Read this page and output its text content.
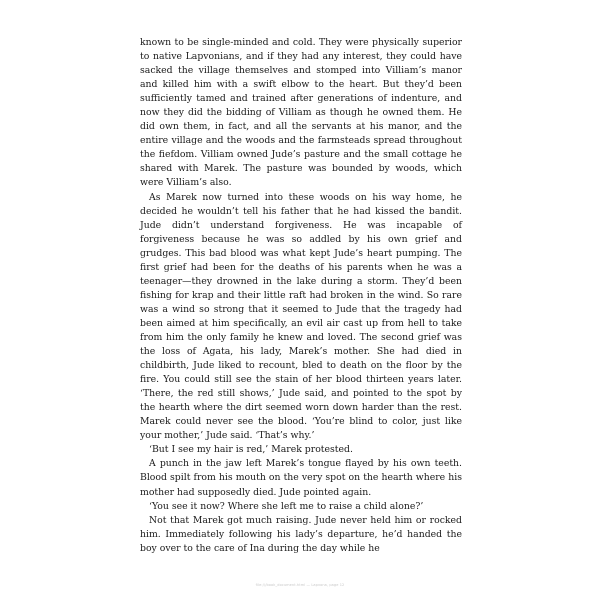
known to be single-minded and cold. They were physically superior to native Lapvonians, and if they had any interest, they could have sacked the village themselves and stomped into Villiam’s manor and killed him with a swift elbow to the heart. But they’d been sufficiently tamed and trained after generations of indenture, and now they did the bidding of Villiam as though he owned them. He did own them, in fact, and all the servants at his manor, and the entire village and the woods and the farmsteads spread throughout the fiefdom. Villiam owned Jude’s pasture and the small cottage he shared with Marek. The pasture was bounded by woods, which were Villiam’s also.

As Marek now turned into these woods on his way home, he decided he wouldn’t tell his father that he had kissed the bandit. Jude didn’t understand forgiveness. He was incapable of forgiveness because he was so addled by his own grief and grudges. This bad blood was what kept Jude’s heart pumping. The first grief had been for the deaths of his parents when he was a teenager—they drowned in the lake during a storm. They’d been fishing for krap and their little raft had broken in the wind. So rare was a wind so strong that it seemed to Jude that the tragedy had been aimed at him specifically, an evil air cast up from hell to take from him the only family he knew and loved. The second grief was the loss of Agata, his lady, Marek’s mother. She had died in childbirth, Jude liked to recount, bled to death on the floor by the fire. You could still see the stain of her blood thirteen years later. ‘There, the red still shows,’ Jude said, and pointed to the spot by the hearth where the dirt seemed worn down harder than the rest. Marek could never see the blood. ‘You’re blind to color, just like your mother,’ Jude said. ‘That’s why.’

‘But I see my hair is red,’ Marek protested.

A punch in the jaw left Marek’s tongue flayed by his own teeth. Blood spilt from his mouth on the very spot on the hearth where his mother had supposedly died. Jude pointed again.

‘You see it now? Where she left me to raise a child alone?’

Not that Marek got much raising. Jude never held him or rocked him. Immediately following his lady’s departure, he’d handed the boy over to the care of Ina during the day while he

file:///book_document.html — Lapvona, page 12
